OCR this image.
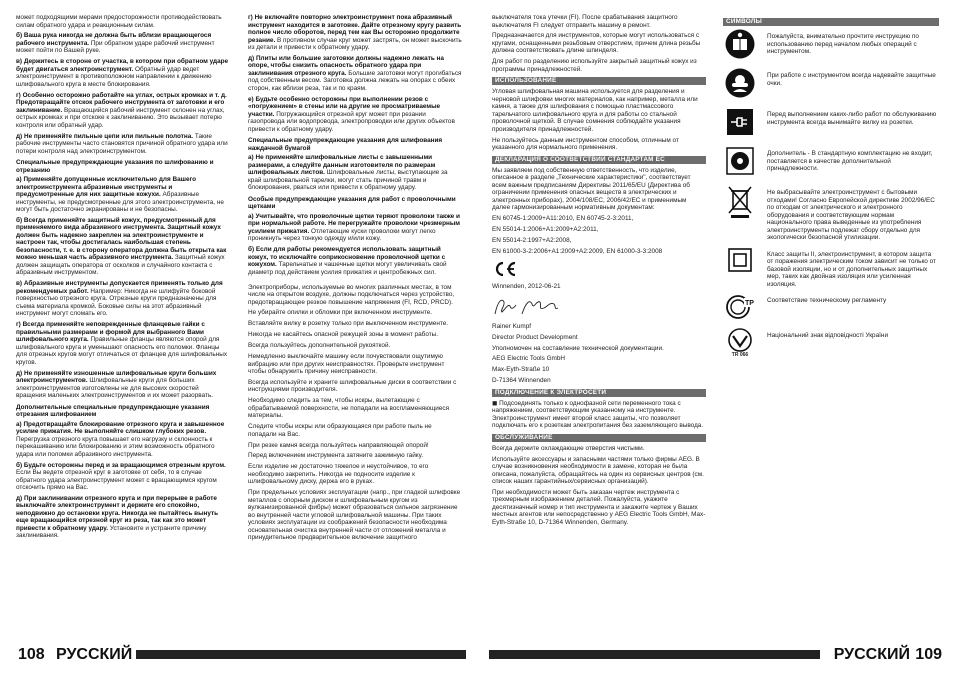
может подходящими мерами предосторожности противодействовать силам обратного удара и реакционным силам.
б) Ваша рука никогда не должна быть вблизи вращающегося рабочего инструмента. При обратном ударе рабочий инструмент может пойти по Вашей руке.
в) Держитесь в стороне от участка, в котором при обратном ударе будет двигаться электроинструмент. Обратный удар ведет электроинструмент в противоположном направлении к движению шлифовального круга в месте блокирования.
г) Особенно осторожно работайте на углах, острых кромках и т. д. Предотвращайте отскок рабочего инструмента от заготовки и его заклинивание. Вращающийся рабочий инструмент склонен на углах, острых кромках и при отскоке к заклиниванию. Это вызывает потерю контроля или обратный удар.
д) Не применяйте пильные цепи или пильные полотна. Такие рабочие инструменты часто становятся причиной обратного удара или потери контроля над электроинструментом.
Специальные предупреждающие указания по шлифованию и отрезанию
а) Применяйте допущенные исключительно для Вашего электроинструмента абразивные инструменты и предусмотренные для них защитные кожухи. Абразивные инструменты, не предусмотренные для этого электроинструмента, не могут быть достаточно экранированы и не безопасны.
б) Всегда применяйте защитный кожух, предусмотренный для применяемого вида абразивного инструмента. Защитный кожух должен быть надежно закреплен на электроинструменте и настроен так, чтобы достигалась наибольшая степень безопасности, т. е. в сторону оператора должна быть открыта как можно меньшая часть абразивного инструмента. Защитный кожух должен защищать оператора от осколков и случайного контакта с абразивным инструментом.
в) Абразивные инструменты допускается применять только для рекомендуемых работ. Например: Никогда не шлифуйте боковой поверхностью отрезного круга. Отрезные круги предназначены для съема материала кромкой. Боковые силы на этот абразивный инструмент могут сломать его.
г) Всегда применяйте неповрежденные фланцевые гайки с правильными размерами и формой для выбранного Вами шлифовального круга. Правильные фланцы являются опорой для шлифовального круга и уменьшают опасность его поломки. Фланцы для отрезных кругов могут отличаться от фланцев для шлифовальных кругов.
д) Не применяйте изношенные шлифовальные круги больших электроинструментов. Шлифовальные круги для больших электроинструментов изготовлены не для высоких скоростей вращения маленьких электроинструментов и их может разорвать.
Дополнительные специальные предупреждающие указания отрезания шлифованием
а) Предотвращайте блокирование отрезного круга и завышенное усилие прижатия. Не выполняйте слишком глубоких резов. Перегрузка отрезного круга повышает его нагрузку и склонность к перекашиванию или блокированию и этим возможность обратного удара или поломки абразивного инструмента.
б) Будьте осторожны перед и за вращающимся отрезным кругом. Если Вы ведете отрезной круг в заготовке от себя, то в случае обратного удара электроинструмент может с вращающимся кругом отскочить прямо на Вас.
д) При заклинивании отрезного круга и при перерыве в работе выключайте электроинструмент и держите его спокойно, неподвижно до остановки круга. Никогда не пытайтесь вынуть еще вращающийся отрезной круг из реза, так как это может привести к обратному удару. Установите и устраните причину заклинивания.
г) Не включайте повторно электроинструмент пока абразивный инструмент находится в заготовке. Дайте отрезному кругу развить полное число оборотов, перед тем как Вы осторожно продолжите резание. В противном случае круг может застрять, он может выскочить из детали и привести к обратному удару.
д) Плиты или большие заготовки должны надежно лежать на опоре, чтобы снизить опасность обратного удара при заклинивания отрезного круга. Большие заготовки могут прогибаться под собственным весом. Заготовка должна лежать на опорах с обеих сторон, как вблизи реза, так и по краям.
е) Будьте особенно осторожны при выполнении резов с «погружением» в стены или на другие не просматриваемые участки. Погружающийся отрезной круг может при резании газопровода или водопровода, электропроводки или других объектов привести к обратному удару.
Специальные предупреждающие указания для шлифования наждачной бумагой
а) Не применяйте шлифовальные листы с завышенными размерами, а следуйте данным изготовителя по размерам шлифовальных листов. Шлифовальные листы, выступающие за край шлифовальной тарелки, могут стать причиной травм и блокирования, рваться или привести к обратному удару.
Особые предупреждающие указания для работ с проволочными щетками
а) Учитывайте, что проволочные щетки теряют проволоки также и при нормальной работе. Не перегружайте проволоки чрезмерным усилием прижатия. Отлетающие куски проволоки могут легко проникнуть через тонкую одежду и/или кожу.
б) Если для работы рекомендуется использовать защитный кожух, то исключайте соприкосновение проволочной щетки с кожухом. Тарельчатые и чашечные щетки могут увеличивать свой диаметр под действием усилия прижатия и центробежных сил.
Электроприборы, используемые во многих различных местах, в том числе на открытом воздухе, должны подключаться через устройство, предотвращающее резкое повышение напряжения (FI, RCD, PRCD).
Не убирайте опилки и обломки при включенном инструменте.
Вставляйте вилку в розетку только при выключенном инструменте.
Никогда не касайтесь опасной режущей зоны в момент работы.
Всегда пользуйтесь дополнительной рукояткой.
Немедленно выключайте машину если почувствовали ощутимую вибрацию или при других неисправностях. Проверьте инструмент чтобы обнаружить причину неисправности.
Всегда используйте и храните шлифовальные диски в соответствии с инструкциями производителя.
Необходимо следить за тем, чтобы искры, вылетающие с обрабатываемой поверхности, не попадали на воспламеняющиеся материалы.
Следите чтобы искры или образующаяся при работе пыль не попадали на Вас.
При резке камня всегда пользуйтесь направляющей опорой!
Перед включением инструмента затяните зажимную гайку.
Если изделие не достаточно тяжелое и неустойчивое, то его необходимо закрепить. Никогда не подносите изделие к шлифовальному диску, держа его в руках.
При предельных условиях эксплуатации (напр., при гладкой шлифовке металлов с опорным диском и шлифовальным кругом из вулканизированной фибры) может образоваться сильное загрязнение во внутренней части угловой шлифовальной машины. При таких условиях эксплуатации из соображений безопасности необходима основательная очистка внутренней части от отложений металла и принудительное предварительное включение защитного
выключателя тока утечки (FI). После срабатывания защитного выключателя FI следует отправить машину в ремонт.
Предназначается для инструментов, которые могут использоваться с кругами, оснащенными резьбовым отверстием, причем длина резьбы должна соответствовать длине шпинделя.
Для работ по разделению используйте закрытый защитный кожух из программы принадлежностей.
ИСПОЛЬЗОВАНИЕ
Угловая шлифовальная машина используется для разделения и черновой шлифовки многих материалов, как например, металла или камня, а также для шлифования с помощью пластмассового тарельчатого шлифовального круга и для работы со стальной проволочной щеткой. В случае сомнения соблюдайте указания производителя принадлежностей.
Не пользуйтесь данным инструментом способом, отличным от указанного для нормального применения.
ДЕКЛАРАЦИЯ О СООТВЕТСТВИИ СТАНДАРТАМ ЕС
Мы заявляем под собственную ответственность, что изделие, описанное в разделе „Технические характеристики", соответствует всем важным предписаниям Директивы 2011/65/EU (Директива об ограничении применения опасных веществ в электрических и электронных приборах), 2004/108/EC, 2006/42/EC и применимым далее гармонизированным нормативным документам:
EN 60745-1:2009+A11:2010, EN 60745-2-3:2011,
EN 55014-1:2006+A1:2009+A2:2011,
EN 55014-2:1997+A2:2008,
EN 61000-3-2:2006+A1:2009+A2:2009, EN 61000-3-3:2008
Winnenden, 2012-06-21
Rainer Kumpf
Director Product Development
Уполномочен на составление технической документации.
AEG Electric Tools GmbH
Max-Eyth-Straße 10
D-71364 Winnenden
ПОДКЛЮЧЕНИЕ К ЭЛЕКТРОСЕТИ
◼ Подсоединять только к однофазной сети переменного тока с напряжением, соответствующим указанному на инструменте. Электроинструмент имеет второй класс защиты, что позволяет подключать его к розеткам электропитания без заземляющего вывода.
ОБСЛУЖИВАНИЕ
Всегда держите охлаждающие отверстия чистыми.
Используйте аксессуары и запасными частями только фирмы AEG. В случае возникновения необходимости в замене, которая не была описана, пожалуйста, обращайтесь на один из сервисных центров (см. список наших гарантийных/сервисных организаций).
При необходимости может быть заказан чертеж инструмента с трехмерным изображением деталей. Пожалуйста, укажите десятизначный номер и тип инструмента и закажите чертеж у Ваших местных агентов или непосредственно у AEG Electric Tools GmbH, Max-Eyth-Straße 10, D-71364 Winnenden, Germany.
СИМВОЛЫ
Пожалуйста, внимательно прочтите инструкцию по использованию перед началом любых операций с инструментом.
При работе с инструментом всегда надевайте защитные очки.
Перед выполнением каких-либо работ по обслуживанию инструмента всегда вынимайте вилку из розетки.
Дополнитель - В стандартную комплектацию не входит, поставляется в качестве дополнительной принадлежности.
Не выбрасывайте электроинструмент с бытовыми отходами! Согласно Европейской директиве 2002/96/ЕС по отходам от электрического и электронного оборудования и соответствующим нормам национального права выведенные из употребления электроинструменты подлежат сбору отдельно для экологически безопасной утилизации.
Класс защиты II, электроинструмент, в котором защита от поражения электрическим током зависит не только от базовой изоляции, но и от дополнительных защитных мер, таких как двойная изоляция или усиленная изоляция.
ТР Соответствие техническому регламенту
TR 066
Національний знак відповідності України
108 РУССКИЙ	РУССКИЙ 109
